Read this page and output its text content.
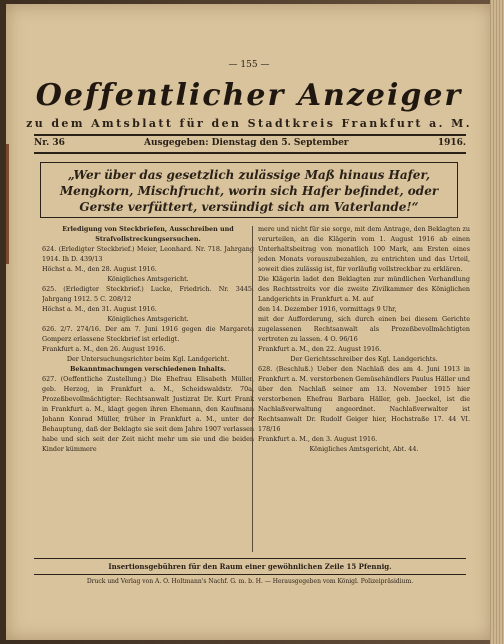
— 155 —
Oeffentlicher Anzeiger
zu dem Amtsblatt für den Stadtkreis Frankfurt a. M.
Nr. 36	Ausgegeben: Dienstag den 5. September	1916.
„Wer über das gesetzlich zulässige Maß hinaus Hafer, Mengkorn, Mischfrucht, worin sich Hafer befindet, oder Gerste verfüttert, versündigt sich am Vaterlande!“

Erledigung von Steckbriefen, Ausschreiben und Strafvollstreckungsersuchen.

624. (Erledigter Steckbrief.) Meier, Leonhard. Nr. 718. Jahrgang 1914. Ih D. 439/13

Höchst a. M., den 28. August 1916.

Königliches Amtsgericht.

625. (Erledigter Steckbrief.) Lucke, Friedrich. Nr. 3445. Jahrgang 1912. 5 C. 208/12

Höchst a. M., den 31. August 1916.

Königliches Amtsgericht.

626. 2/7. 274/16. Der am 7. Juni 1916 gegen die Margareta Gomperz erlassene Steckbrief ist erledigt.

Frankfurt a. M., den 26. August 1916.

Der Untersuchungsrichter beim Kgl. Landgericht.

Bekanntmachungen verschiedenen Inhalts.

627. (Oeffentliche Zustellung.) Die Ehefrau Elisabeth Müller, geb. Herzog, in Frankfurt a. M., Scheidswaldstr. 70a, Prozeßbevollmächtigter: Rechtsanwalt Justizrat Dr. Kurt Frank in Frankfurt a. M., klagt gegen ihren Ehemann, den Kaufmann Johann Konrad Müller, früher in Frankfurt a. M., unter der Behauptung, daß der Beklagte sie seit dem Jahre 1907 verlassen habe und sich seit der Zeit nicht mehr um sie und die beiden Kinder kümmere

mere und nicht für sie sorge, mit dem Antrage, den Beklagten zu verurteilen, an die Klägerin vom 1. August 1916 ab einen Unterhaltsbeitrag von monatlich 100 Mark, am Ersten eines jeden Monats vorauszubezahlen, zu entrichten und das Urteil, soweit dies zulässig ist, für vorläufig vollstreckbar zu erklären.

Die Klägerin ladet den Beklagten zur mündlichen Verhandlung des Rechtsstreits vor die zweite Zivilkammer des Königlichen Landgerichts in Frankfurt a. M. auf

den 14. Dezember 1916, vormittags 9 Uhr,

mit der Aufforderung, sich durch einen bei diesem Gerichte zugelassenen Rechtsanwalt als Prozeßbevollmächtigten vertreten zu lassen. 4 O. 96/16

Frankfurt a. M., den 22. August 1916.

Der Gerichtsschreiber des Kgl. Landgerichts.

628. (Beschluß.) Ueber den Nachlaß des am 4. Juni 1913 in Frankfurt a. M. verstorbenen Gemüsehändlers Paulus Häller und über den Nachlaß seiner am 13. November 1915 hier verstorbenen Ehefrau Barbara Häller, geb. Jaeckel, ist die Nachlaßverwaltung angeordnet. Nachlaßverwalter ist Rechtsanwalt Dr. Rudolf Geiger hier, Hochstraße 17. 44 VI. 178/16

Frankfurt a. M., den 3. August 1916.

Königliches Amtsgericht, Abt. 44.

Insertionsgebühren für den Raum einer gewöhnlichen Zeile 15 Pfennig.
Druck und Verlag von A. O. Holtmann's Nachf. G. m. b. H. — Herausgegeben vom Königl. Polizeipräsidium.
